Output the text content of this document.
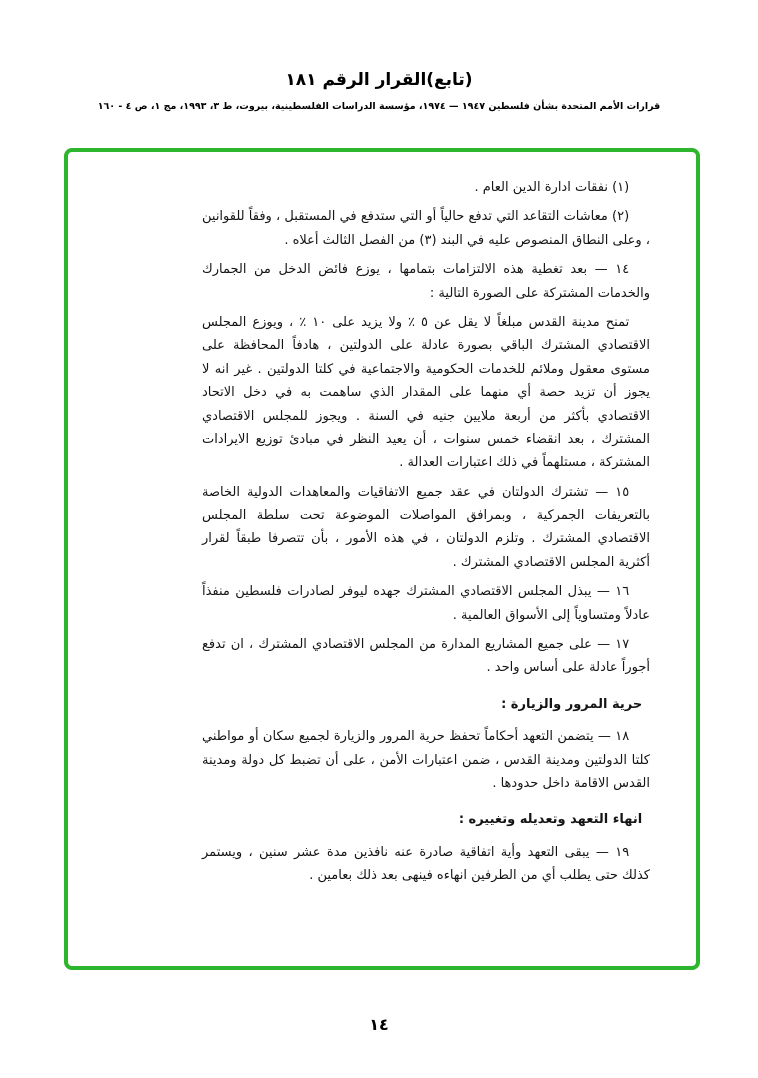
(تابع)القرار الرقم ١٨١
قرارات الأمم المتحدة بشأن فلسطين ١٩٤٧ — ١٩٧٤، مؤسسة الدراسات الفلسطينية، بيروت، ط ٣، ١٩٩٣، مج ١، ص ٤ - ١٦٠

(١) نفقات ادارة الدين العام .

(٢) معاشات التقاعد التي تدفع حالياً أو التي ستدفع في المستقبل ، وفقاً للقوانين ، وعلى النطاق المنصوص عليه في البند (٣) من الفصل الثالث أعلاه .

١٤ — بعد تغطية هذه الالتزامات بتمامها ، يوزع فائض الدخل من الجمارك والخدمات المشتركة على الصورة التالية :

تمنح مدينة القدس مبلغاً لا يقل عن ٥ ٪ ولا يزيد على ١٠ ٪ ، ويوزع المجلس الاقتصادي المشترك الباقي بصورة عادلة على الدولتين ، هادفاً المحافظة على مستوى معقول وملائم للخدمات الحكومية والاجتماعية في كلتا الدولتين . غير انه لا يجوز أن تزيد حصة أي منهما على المقدار الذي ساهمت به في دخل الاتحاد الاقتصادي بأكثر من أربعة ملايين جنيه في السنة . ويجوز للمجلس الاقتصادي المشترك ، بعد انقضاء خمس سنوات ، أن يعيد النظر في مبادئ توزيع الايرادات المشتركة ، مستلهماً في ذلك اعتبارات العدالة .

١٥ — تشترك الدولتان في عقد جميع الاتفاقيات والمعاهدات الدولية الخاصة بالتعريفات الجمركية ، وبمرافق المواصلات الموضوعة تحت سلطة المجلس الاقتصادي المشترك . وتلزم الدولتان ، في هذه الأمور ، بأن تتصرفا طبقاً لقرار أكثرية المجلس الاقتصادي المشترك .

١٦ — يبذل المجلس الاقتصادي المشترك جهده ليوفر لصادرات فلسطين منفذاً عادلاً ومتساوياً إلى الأسواق العالمية .

١٧ — على جميع المشاريع المدارة من المجلس الاقتصادي المشترك ، ان تدفع أجوراً عادلة على أساس واحد .

حرية المرور والزيارة :

١٨ — يتضمن التعهد أحكاماً تحفظ حرية المرور والزيارة لجميع سكان أو مواطني كلتا الدولتين ومدينة القدس ، ضمن اعتبارات الأمن ، على أن تضبط كل دولة ومدينة القدس الاقامة داخل حدودها .

انهاء التعهد وتعديله وتغييره :

١٩ — يبقى التعهد وأية اتفاقية صادرة عنه نافذين مدة عشر سنين ، ويستمر كذلك حتى يطلب أي من الطرفين انهاءه فينهى بعد ذلك بعامين .

١٤
